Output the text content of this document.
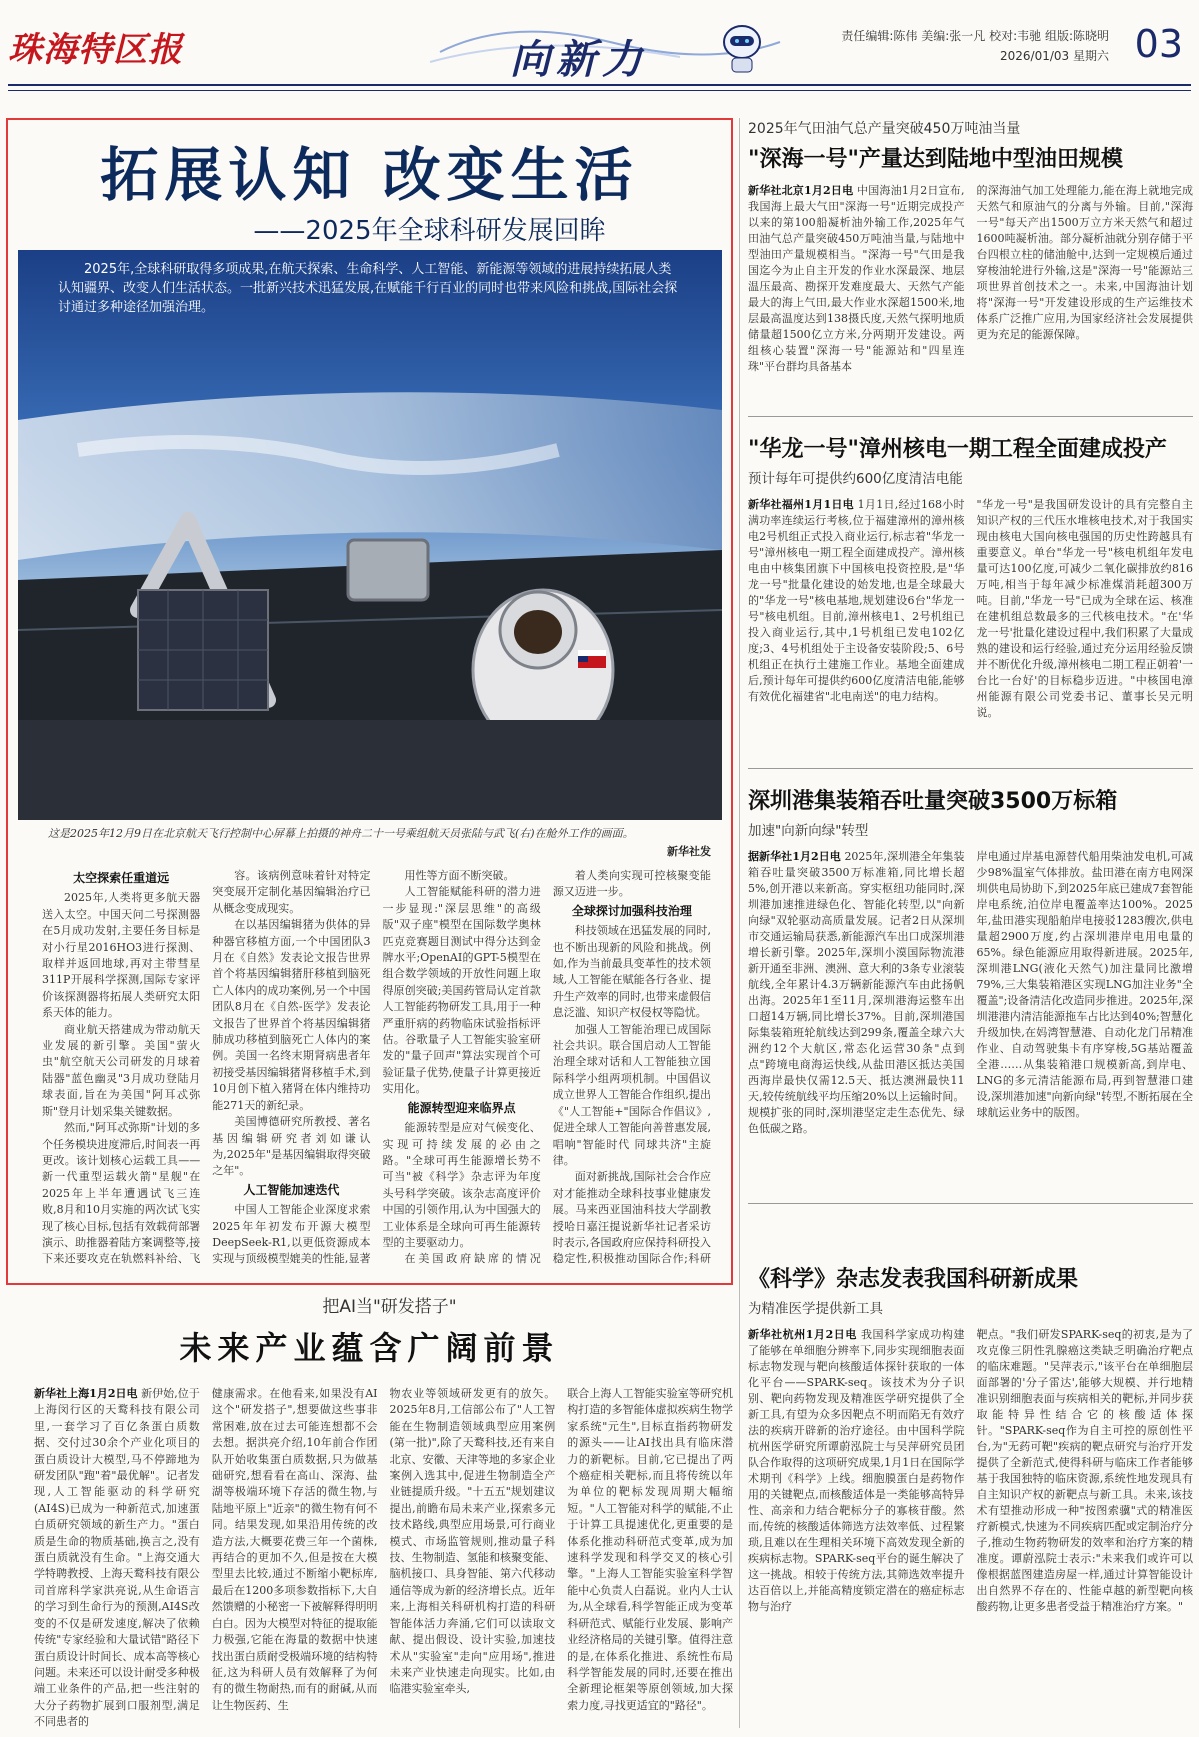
珠海特区报	向新力	责任编辑:陈伟 美编:张一凡 校对:韦驰 组版:陈晓明
2026/01/03 星期六 03
拓展认知 改变生活
——2025年全球科研发展回眸
2025年,全球科研取得多项成果,在航天探索、生命科学、人工智能、新能源等领域的进展持续拓展人类认知疆界、改变人们生活状态。一批新兴技术迅猛发展,在赋能千行百业的同时也带来风险和挑战,国际社会探讨通过多种途径加强治理。
这是2025年12月9日在北京航天飞行控制中心屏幕上拍摄的神舟二十一号乘组航天员张陆与武飞(右)在舱外工作的画面。
新华社发
太空探索任重道远

2025年,人类将更多航天器送入太空。中国天问二号探测器在5月成功发射,主要任务目标是对小行星2016HO3进行探测、取样并返回地球,再对主带彗星311P开展科学探测,国际专家评价该探测器将拓展人类研究太阳系天体的能力。

商业航天搭建成为带动航天业发展的新引擎。美国"萤火虫"航空航天公司研发的月球着陆器"蓝色幽灵"3月成功登陆月球表面,旨在为美国"阿耳忒弥斯"登月计划采集关键数据。

然而,"阿耳忒弥斯"计划的多个任务模块进度滞后,时间表一再更改。该计划核心运载工具——新一代重型运载火箭"星舰"在2025年上半年遭遇试飞三连败,8月和10月实施的两次试飞实现了核心目标,包括有效载荷部署演示、助推器着陆方案调整等,接下来还要攻克在轨燃料补给、飞

容。该病例意味着针对特定突变展开定制化基因编辑治疗已从概念变成现实。

在以基因编辑猪为供体的异种器官移植方面,一个中国团队3月在《自然》发表论文报告世界首个将基因编辑猪肝移植到脑死亡人体内的成功案例,另一个中国团队8月在《自然-医学》发表论文报告了世界首个将基因编辑猪肺成功移植到脑死亡人体内的案例。美国一名终末期肾病患者年初接受基因编辑猪肾移植手术,到10月创下植入猪肾在体内维持功能271天的新纪录。

美国博德研究所教授、著名基因编辑研究者刘如谦认为,2025年"是基因编辑取得突破之年"。

人工智能加速迭代

中国人工智能企业深度求索2025年年初发布开源大模型DeepSeek-R1,以更低资源成本实现与顶级模型媲美的性能,显著

用性等方面不断突破。

人工智能赋能科研的潜力进一步显现:"深层思维"的高级版"双子座"模型在国际数学奥林匹克竞赛题目测试中得分达到金牌水平;OpenAI的GPT-5模型在组合数学领域的开放性问题上取得原创突破;美国药管局认定首款人工智能药物研发工具,用于一种严重肝病的药物临床试验指标评估。谷歌量子人工智能实验室研发的"量子回声"算法实现首个可验证量子优势,使量子计算更接近实用化。

能源转型迎来临界点

能源转型是应对气候变化、实现可持续发展的必由之路。"全球可再生能源增长势不可当"被《科学》杂志评为年度头号科学突破。该杂志高度评价中国的引领作用,认为中国强大的工业体系是全球向可再生能源转型的主要驱动力。

在美国政府缺席的情况

着人类向实现可控核聚变能源又迈进一步。

全球探讨加强科技治理

科技领域在迅猛发展的同时,也不断出现新的风险和挑战。例如,作为当前最具变革性的技术领域,人工智能在赋能各行各业、提升生产效率的同时,也带来虚假信息泛滥、知识产权侵权等隐忧。

加强人工智能治理已成国际社会共识。联合国启动人工智能治理全球对话和人工智能独立国际科学小组两项机制。中国倡议成立世界人工智能合作组织,提出《"人工智能+"国际合作倡议》,促进全球人工智能向善普惠发展,唱响"智能时代 同球共济"主旋律。

面对新挑战,国际社会合作应对才能推动全球科技事业健康发展。马来西亚国油科技大学副教授哈日嘉汪提说新华社记者采访时表示,各国政府应保持科研投入稳定性,积极推动国际合作;科研

把AI当"研发搭子"
未来产业蕴含广阔前景
新华社上海1月2日电 新伊始,位于上海闵行区的天鹜科技有限公司里,一套学习了百亿条蛋白质数据、交付过30余个产业化项目的蛋白质设计大模型,马不停蹄地为研发团队"跑"着"最优解"。记者发现,人工智能驱动的科学研究(AI4S)已成为一种新范式,加速蛋白质研究领域的新生产力。"蛋白质是生命的物质基础,换言之,没有蛋白质就没有生命。"上海交通大学特聘教授、上海天鹜科技有限公司首席科学家洪亮说,从生命语言的学习到生命行为的预测,AI4S改变的不仅是研发速度,解决了依赖传统"专家经验和大量试错"路径下蛋白质设计时间长、成本高等核心问题。未来还可以设计耐受多种极端工业条件的产品,把一些注射的大分子药物扩展到口服剂型,满足不同患者的
健康需求。在他看来,如果没有AI这个"研发搭子",想要做这些事非常困难,放在过去可能连想都不会去想。据洪亮介绍,10年前合作团队开始收集蛋白质数据,只为做基础研究,想看看在高山、深海、盐湖等极端环境下存活的微生物,与陆地平原上"近亲"的微生物有何不同。结果发现,如果沿用传统的改造方法,大概要花费三年一个菌株,再结合的更加不久,但是按在大模型里去比较,通过不断缩小靶标库,最后在1200多项参数指标下,大自然馈赠的小秘密一下被解释得明明白白。因为大模型对特征的提取能力极强,它能在海量的数据中快速找出蛋白质耐受极端环境的结构特征,这为科研人员有效解释了为何有的微生物耐热,而有的耐碱,从而让生物医药、生
物农业等领域研发更有的放矢。2025年8月,工信部公布了"人工智能在生物制造领域典型应用案例(第一批)",除了天鹜科技,还有来自北京、安徽、天津等地的多家企业案例入选其中,促进生物制造全产业链提质升级。"十五五"规划建议提出,前瞻布局未来产业,探索多元技术路线,典型应用场景,可行商业模式、市场监管规则,推动量子科技、生物制造、氢能和核聚变能、脑机接口、具身智能、第六代移动通信等成为新的经济增长点。近年来,上海相关科研机构打造的科研智能体活力奔涌,它们可以读取文献、提出假设、设计实验,加速技术从"实验室"走向"应用场",推进未来产业快速走向现实。比如,由临港实验室牵头,
联合上海人工智能实验室等研究机构打造的多智能体虚拟疾病生物学家系统"元生",目标直指药物研发的源头——让AI找出具有临床潜力的新靶标。目前,它已提出了两个癌症相关靶标,而且将传统以年为单位的靶标发现周期大幅缩短。"人工智能对科学的赋能,不止于计算工具提速优化,更重要的是体系化推动科研范式变革,成为加速科学发现和科学交叉的核心引擎。"上海人工智能实验室科学智能中心负责人白磊说。业内人士认为,从全球看,科学智能正成为变革科研范式、赋能行业发展、影响产业经济格局的关键引擎。值得注意的是,在体系化推进、系统性布局科学智能发展的同时,还要在推出全新理论框架等原创领域,加大探索力度,寻找更适宜的"路径"。
2025年气田油气总产量突破450万吨油当量
"深海一号"产量达到陆地中型油田规模
新华社北京1月2日电 中国海油1月2日宣布,我国海上最大气田"深海一号"近期完成投产以来的第100船凝析油外输工作,2025年气田油气总产量突破450万吨油当量,与陆地中型油田产量规模相当。"深海一号"气田是我国迄今为止自主开发的作业水深最深、地层温压最高、勘探开发难度最大、天然气产能最大的海上气田,最大作业水深超1500米,地层最高温度达到138摄氏度,天然气探明地质储量超1500亿立方米,分两期开发建设。两组核心装置"深海一号"能源站和"四星连珠"平台群均具备基本
的深海油气加工处理能力,能在海上就地完成天然气和原油气的分离与外输。目前,"深海一号"每天产出1500万立方米天然气和超过1600吨凝析油。部分凝析油就分别存储于平台四根立柱的储油舱中,达到一定规模后通过穿梭油轮进行外输,这是"深海一号"能源站三项世界首创技术之一。未来,中国海油计划将"深海一号"开发建设形成的生产运维技术体系广泛推广应用,为国家经济社会发展提供更为充足的能源保障。
"华龙一号"漳州核电一期工程全面建成投产
预计每年可提供约600亿度清洁电能
新华社福州1月1日电 1月1日,经过168小时满功率连续运行考核,位于福建漳州的漳州核电2号机组正式投入商业运行,标志着"华龙一号"漳州核电一期工程全面建成投产。漳州核电由中核集团旗下中国核电投资控股,是"华龙一号"批量化建设的始发地,也是全球最大的"华龙一号"核电基地,规划建设6台"华龙一号"核电机组。目前,漳州核电1、2号机组已投入商业运行,其中,1号机组已发电102亿度;3、4号机组处于主设备安装阶段;5、6号机组正在执行土建施工作业。基地全面建成后,预计每年可提供约600亿度清洁电能,能够有效优化福建省"北电南送"的电力结构。
"华龙一号"是我国研发设计的具有完整自主知识产权的三代压水堆核电技术,对于我国实现由核电大国向核电强国的历史性跨越具有重要意义。单台"华龙一号"核电机组年发电量可达100亿度,可减少二氧化碳排放约816万吨,相当于每年减少标准煤消耗超300万吨。目前,"华龙一号"已成为全球在运、核准在建机组总数最多的三代核电技术。"在'华龙一号'批量化建设过程中,我们积累了大量成熟的建设和运行经验,通过充分运用经验反馈并不断优化升级,漳州核电二期工程正朝着'一台比一台好'的目标稳步迈进。"中核国电漳州能源有限公司党委书记、董事长吴元明说。
深圳港集装箱吞吐量突破3500万标箱
加速"向新向绿"转型
据新华社1月2日电 2025年,深圳港全年集装箱吞吐量突破3500万标准箱,同比增长超5%,创开港以来新高。穿实枢纽功能同时,深圳港加速推进绿色化、智能化转型,以"向新向绿"双轮驱动高质量发展。记者2日从深圳市交通运输局获悉,新能源汽车出口成深圳港增长新引擎。2025年,深圳小漠国际物流港新开通至非洲、澳洲、意大利的3条专业滚装航线,全年累计4.3万辆新能源汽车由此扬帆出海。2025年1至11月,深圳港海运整车出口超14万辆,同比增长37%。目前,深圳港国际集装箱班轮航线达到299条,覆盖全球六大洲约12个大航区,常态化运营30条"点到点"跨境电商海运快线,从盐田港区抵达美国西海岸最快仅需12.5天、抵达澳洲最快11天,较传统航线平均压缩20%以上运输时间。规模扩张的同时,深圳港坚定走生态优先、绿色低碳之路。
岸电通过岸基电源替代船用柴油发电机,可减少98%温室气体排放。盐田港在南方电网深圳供电局协助下,到2025年底已建成7套智能岸电系统,泊位岸电覆盖率达100%。2025年,盐田港实现船舶岸电接驳1283艘次,供电量超2900万度,约占深圳港岸电用电量的65%。绿色能源应用取得新进展。2025年,深圳港LNG(液化天然气)加注量同比激增79%,三大集装箱港区实现LNG加注业务"全覆盖";设备清洁化改造同步推进。2025年,深圳港港内清洁能源拖车占比达到40%;智慧化升级加快,在妈湾智慧港、自动化龙门吊精准作业、自动驾驶集卡有序穿梭,5G基站覆盖全港……从集装箱港口规模新高,到岸电、LNG的多元清洁能源布局,再到智慧港口建设,深圳港加速"向新向绿"转型,不断拓展在全球航运业务中的版图。
《科学》杂志发表我国科研新成果
为精准医学提供新工具
新华社杭州1月2日电 我国科学家成功构建了能够在单细胞分辨率下,同步实现细胞表面标志物发现与靶向核酸适体探针获取的一体化平台——SPARK-seq。该技术为分子识别、靶向药物发现及精准医学研究提供了全新工具,有望为众多因靶点不明而陷无有效疗法的疾病开辟新的治疗途径。由中国科学院杭州医学研究所谭蔚泓院士与吴萍研究员团队合作取得的这项研究成果,1月1日在国际学术期刊《科学》上线。细胞膜蛋白是药物作用的关键靶点,而核酸适体是一类能够高特异性、高亲和力结合靶标分子的寡核苷酸。然而,传统的核酸适体筛选方法效率低、过程繁琐,且难以在生理相关环境下高效发现全新的疾病标志物。SPARK-seq平台的诞生解决了这一挑战。相较于传统方法,其筛选效率提升达百倍以上,并能高精度锁定潜在的癌症标志物与治疗
靶点。"我们研发SPARK-seq的初衷,是为了攻克像三阴性乳腺癌这类缺乏明确治疗靶点的临床难题。"吴萍表示,"该平台在单细胞层面部署的'分子雷达',能够大规模、并行地精准识别细胞表面与疾病相关的靶标,并同步获取能特异性结合它的核酸适体探针。"SPARK-seq作为自主可控的原创性平台,为"无药可靶"疾病的靶点研究与治疗开发提供了全新范式,使得科研与临床工作者能够基于我国独特的临床资源,系统性地发现具有自主知识产权的新靶点与新工具。未来,该技术有望推动形成一种"按图索骥"式的精准医疗新模式,快速为不同疾病匹配或定制治疗分子,推动生物药物研发的效率和治疗方案的精准度。谭蔚泓院士表示:"未来我们或许可以像根据蓝图建造房屋一样,通过计算智能设计出自然界不存在的、性能卓越的新型靶向核酸药物,让更多患者受益于精准治疗方案。"
